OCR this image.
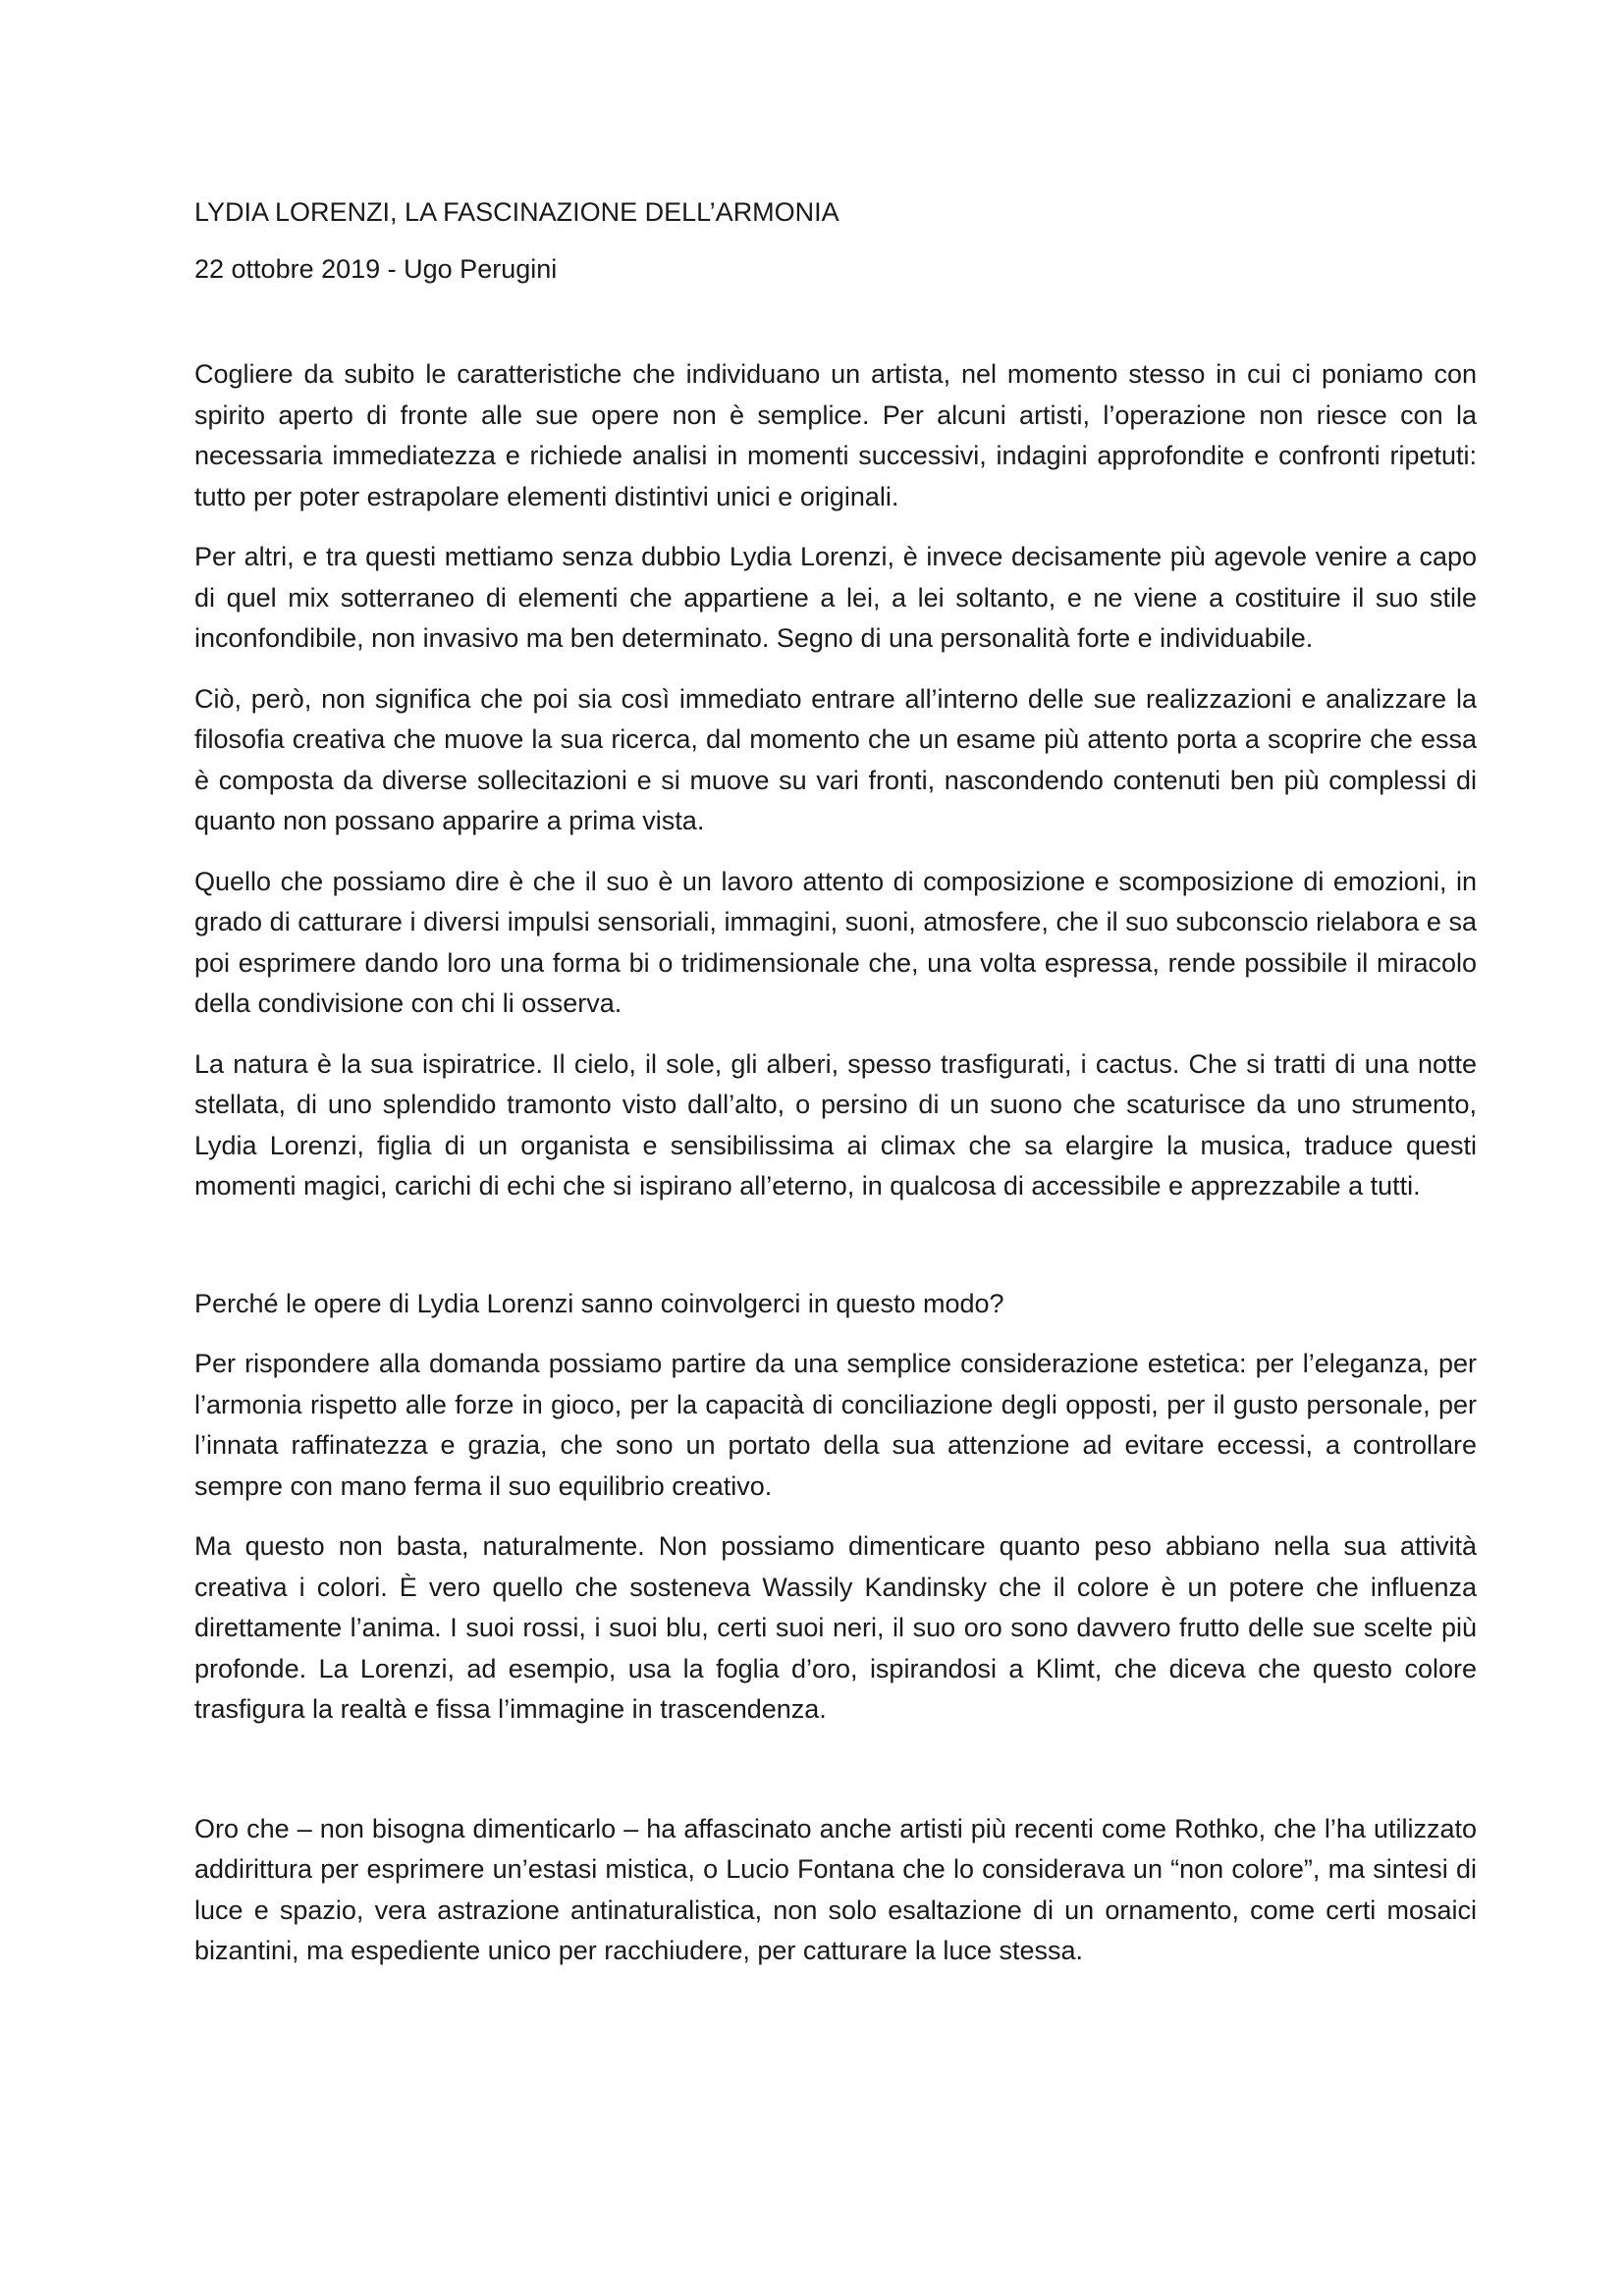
LYDIA LORENZI, LA FASCINAZIONE DELL’ARMONIA
22 ottobre 2019 - Ugo Perugini

Cogliere da subito le caratteristiche che individuano un artista, nel momento stesso in cui ci poniamo con spirito aperto di fronte alle sue opere non è semplice. Per alcuni artisti, l’operazione non riesce con la necessaria immediatezza e richiede analisi in momenti successivi, indagini approfondite e confronti ripetuti: tutto per poter estrapolare elementi distintivi unici e originali.

Per altri, e tra questi mettiamo senza dubbio Lydia Lorenzi, è invece decisamente più agevole venire a capo di quel mix sotterraneo di elementi che appartiene a lei, a lei soltanto, e ne viene a costituire il suo stile inconfondibile, non invasivo ma ben determinato. Segno di una personalità forte e individuabile.

Ciò, però, non significa che poi sia così immediato entrare all’interno delle sue realizzazioni e analizzare la filosofia creativa che muove la sua ricerca, dal momento che un esame più attento porta a scoprire che essa è composta da diverse sollecitazioni e si muove su vari fronti, nascondendo contenuti ben più complessi di quanto non possano apparire a prima vista.

Quello che possiamo dire è che il suo è un lavoro attento di composizione e scomposizione di emozioni, in grado di catturare i diversi impulsi sensoriali, immagini, suoni, atmosfere, che il suo subconscio rielabora e sa poi esprimere dando loro una forma bi o tridimensionale che, una volta espressa, rende possibile il miracolo della condivisione con chi li osserva.

La natura è la sua ispiratrice. Il cielo, il sole, gli alberi, spesso trasfigurati, i cactus. Che si tratti di una notte stellata, di uno splendido tramonto visto dall’alto, o persino di un suono che scaturisce da uno strumento, Lydia Lorenzi, figlia di un organista e sensibilissima ai climax che sa elargire la musica, traduce questi momenti magici, carichi di echi che si ispirano all’eterno, in qualcosa di accessibile e apprezzabile a tutti.

Perché le opere di Lydia Lorenzi sanno coinvolgerci in questo modo?

Per rispondere alla domanda possiamo partire da una semplice considerazione estetica: per l’eleganza, per l’armonia rispetto alle forze in gioco, per la capacità di conciliazione degli opposti, per il gusto personale, per l’innata raffinatezza e grazia, che sono un portato della sua attenzione ad evitare eccessi, a controllare sempre con mano ferma il suo equilibrio creativo.

Ma questo non basta, naturalmente. Non possiamo dimenticare quanto peso abbiano nella sua attività creativa i colori. È vero quello che sosteneva Wassily Kandinsky che il colore è un potere che influenza direttamente l’anima. I suoi rossi, i suoi blu, certi suoi neri, il suo oro sono davvero frutto delle sue scelte più profonde. La Lorenzi, ad esempio, usa la foglia d’oro, ispirandosi a Klimt, che diceva che questo colore trasfigura la realtà e fissa l’immagine in trascendenza.

Oro che – non bisogna dimenticarlo – ha affascinato anche artisti più recenti come Rothko, che l’ha utilizzato addirittura per esprimere un’estasi mistica, o Lucio Fontana che lo considerava un “non colore”, ma sintesi di luce e spazio, vera astrazione antinaturalistica, non solo esaltazione di un ornamento, come certi mosaici bizantini, ma espediente unico per racchiudere, per catturare la luce stessa.
